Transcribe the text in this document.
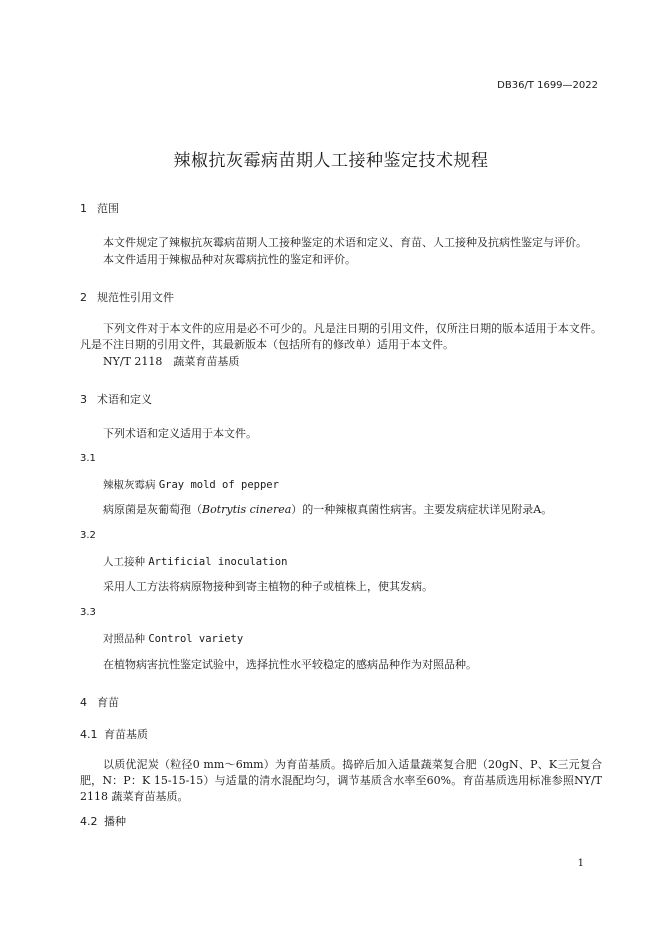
DB36/T 1699—2022
辣椒抗灰霉病苗期人工接种鉴定技术规程
1 范围
本文件规定了辣椒抗灰霉病苗期人工接种鉴定的术语和定义、育苗、人工接种及抗病性鉴定与评价。
本文件适用于辣椒品种对灰霉病抗性的鉴定和评价。
2 规范性引用文件
下列文件对于本文件的应用是必不可少的。凡是注日期的引用文件，仅所注日期的版本适用于本文件。凡是不注日期的引用文件，其最新版本（包括所有的修改单）适用于本文件。
NY/T 2118　蔬菜育苗基质
3 术语和定义
下列术语和定义适用于本文件。
3.1
辣椒灰霉病 Gray mold of pepper
病原菌是灰葡萄孢（Botrytis cinerea）的一种辣椒真菌性病害。主要发病症状详见附录A。
3.2
人工接种 Artificial inoculation
采用人工方法将病原物接种到寄主植物的种子或植株上，使其发病。
3.3
对照品种 Control variety
在植物病害抗性鉴定试验中，选择抗性水平较稳定的感病品种作为对照品种。
4 育苗
4.1 育苗基质
以质优泥炭（粒径0 mm～6mm）为育苗基质。捣碎后加入适量蔬菜复合肥（20gN、P、K三元复合肥，N：P：K 15-15-15）与适量的清水混配均匀，调节基质含水率至60%。育苗基质选用标准参照NY/T 2118 蔬菜育苗基质。
4.2 播种
1
